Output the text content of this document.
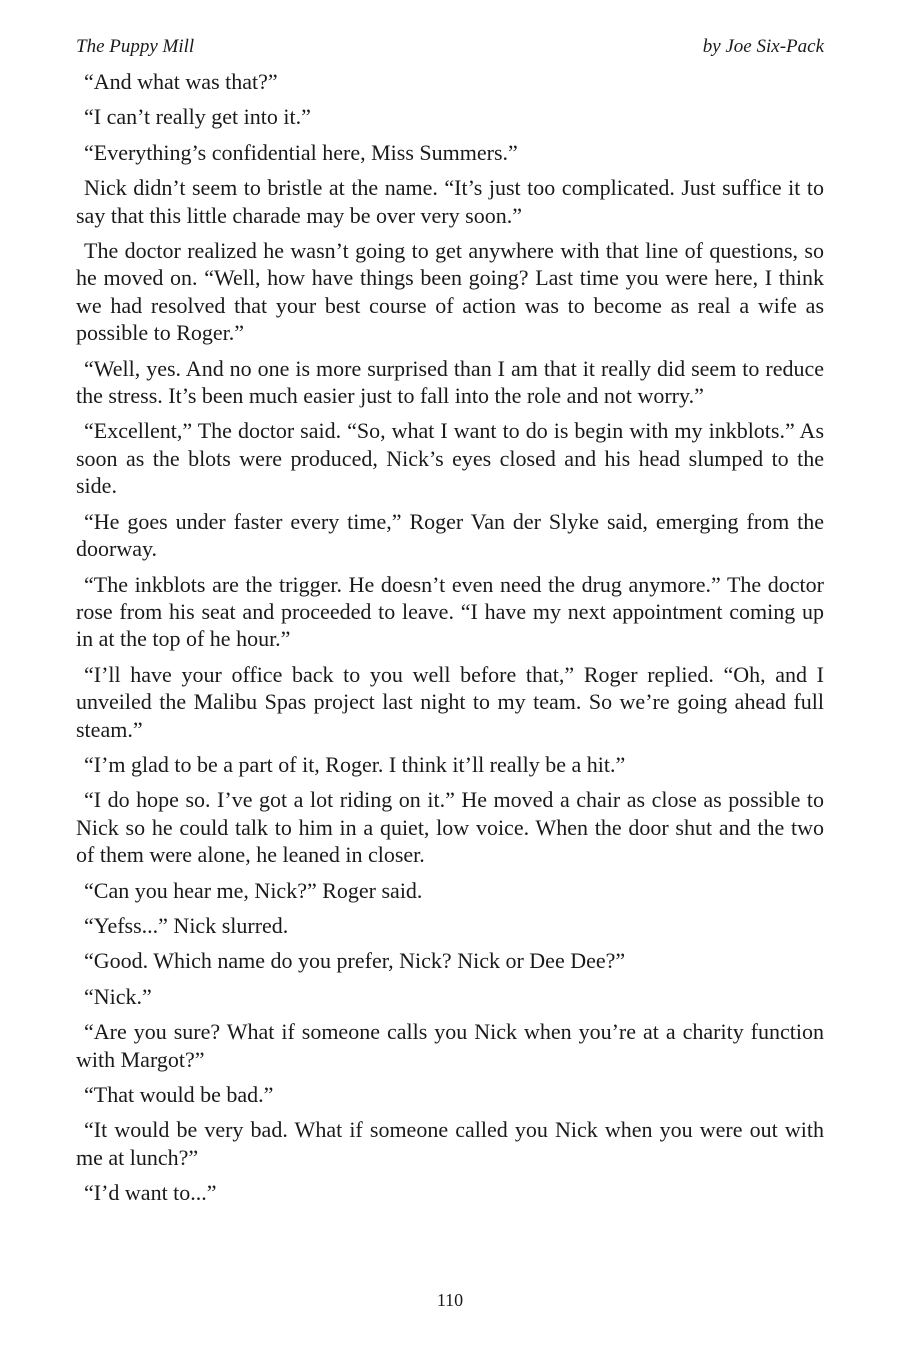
The Puppy Mill	by Joe Six-Pack

“And what was that?”

“I can’t really get into it.”

“Everything’s confidential here, Miss Summers.”

Nick didn’t seem to bristle at the name. “It’s just too complicated. Just suffice it to say that this little charade may be over very soon.”

The doctor realized he wasn’t going to get anywhere with that line of questions, so he moved on. “Well, how have things been going? Last time you were here, I think we had resolved that your best course of action was to become as real a wife as possible to Roger.”

“Well, yes. And no one is more surprised than I am that it really did seem to reduce the stress. It’s been much easier just to fall into the role and not worry.”

“Excellent,” The doctor said. “So, what I want to do is begin with my inkblots.” As soon as the blots were produced, Nick’s eyes closed and his head slumped to the side.

“He goes under faster every time,” Roger Van der Slyke said, emerging from the doorway.

“The inkblots are the trigger. He doesn’t even need the drug anymore.” The doctor rose from his seat and proceeded to leave. “I have my next appointment coming up in at the top of he hour.”

“I’ll have your office back to you well before that,” Roger replied. “Oh, and I unveiled the Malibu Spas project last night to my team. So we’re going ahead full steam.”

“I’m glad to be a part of it, Roger. I think it’ll really be a hit.”

“I do hope so. I’ve got a lot riding on it.” He moved a chair as close as possible to Nick so he could talk to him in a quiet, low voice. When the door shut and the two of them were alone, he leaned in closer.

“Can you hear me, Nick?” Roger said.

“Yefss...” Nick slurred.

“Good. Which name do you prefer, Nick? Nick or Dee Dee?”

“Nick.”

“Are you sure? What if someone calls you Nick when you’re at a charity function with Margot?”

“That would be bad.”

“It would be very bad. What if someone called you Nick when you were out with me at lunch?”

“I’d want to...”

110
